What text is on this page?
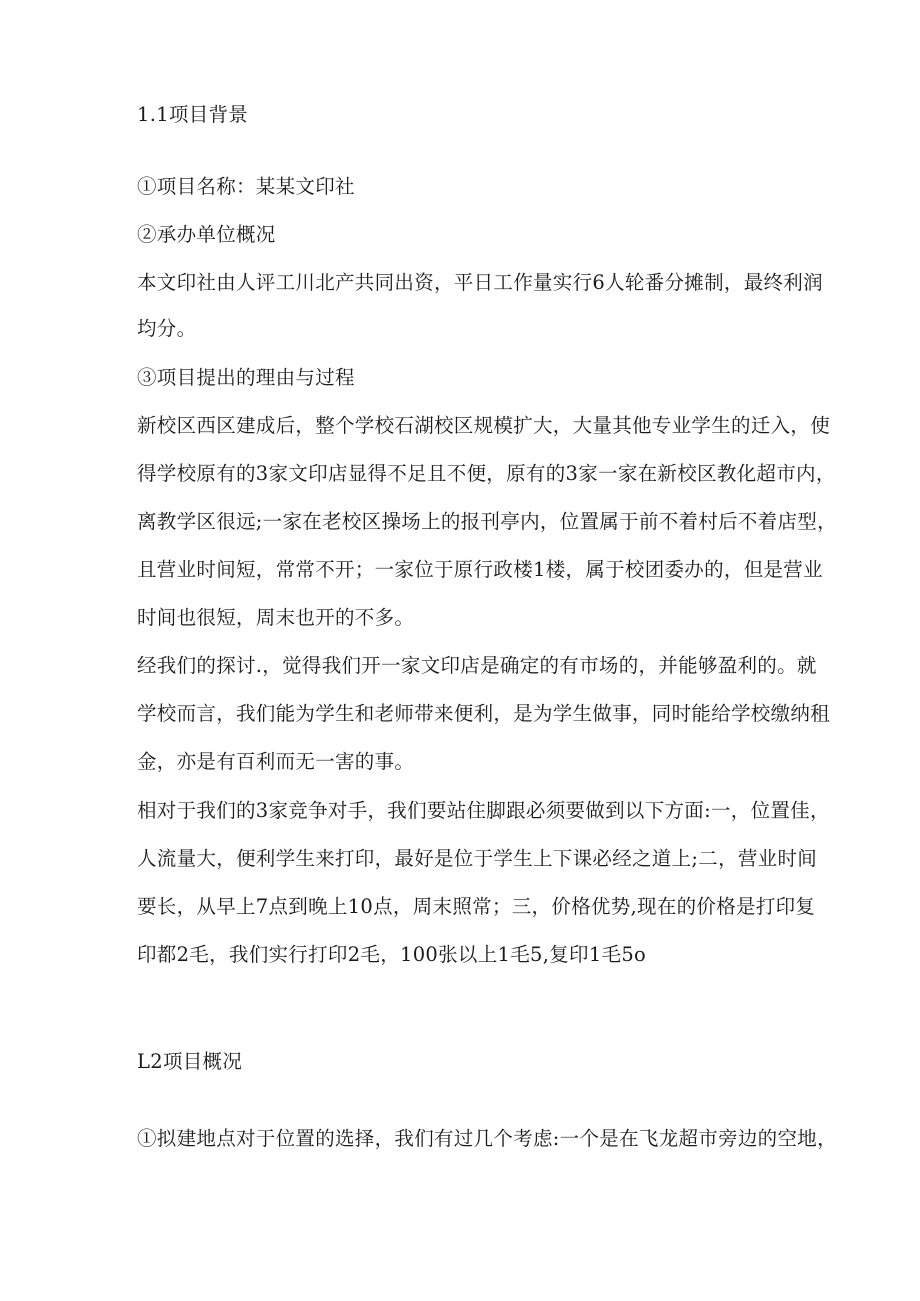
1.1项目背景

①项目名称：某某文印社

②承办单位概况

本文印社由人评工川北产共同出资，平日工作量实行6人轮番分摊制，最终利润

均分。

③项目提出的理由与过程

新校区西区建成后，整个学校石湖校区规模扩大，大量其他专业学生的迁入，使

得学校原有的3家文印店显得不足且不便，原有的3家一家在新校区教化超市内，

离教学区很远;一家在老校区操场上的报刊亭内，位置属于前不着村后不着店型，

且营业时间短，常常不开；一家位于原行政楼1楼，属于校团委办的，但是营业

时间也很短，周末也开的不多。

经我们的探讨.，觉得我们开一家文印店是确定的有市场的，并能够盈利的。就

学校而言，我们能为学生和老师带来便利，是为学生做事，同时能给学校缴纳租

金，亦是有百利而无一害的事。

相对于我们的3家竞争对手，我们要站住脚跟必须要做到以下方面:一，位置佳，

人流量大，便利学生来打印，最好是位于学生上下课必经之道上;二，营业时间

要长，从早上7点到晚上10点，周末照常；三，价格优势,现在的价格是打印复

印都2毛，我们实行打印2毛，100张以上1毛5,复印1毛5o

L2项目概况

①拟建地点对于位置的选择，我们有过几个考虑:一个是在飞龙超市旁边的空地，
